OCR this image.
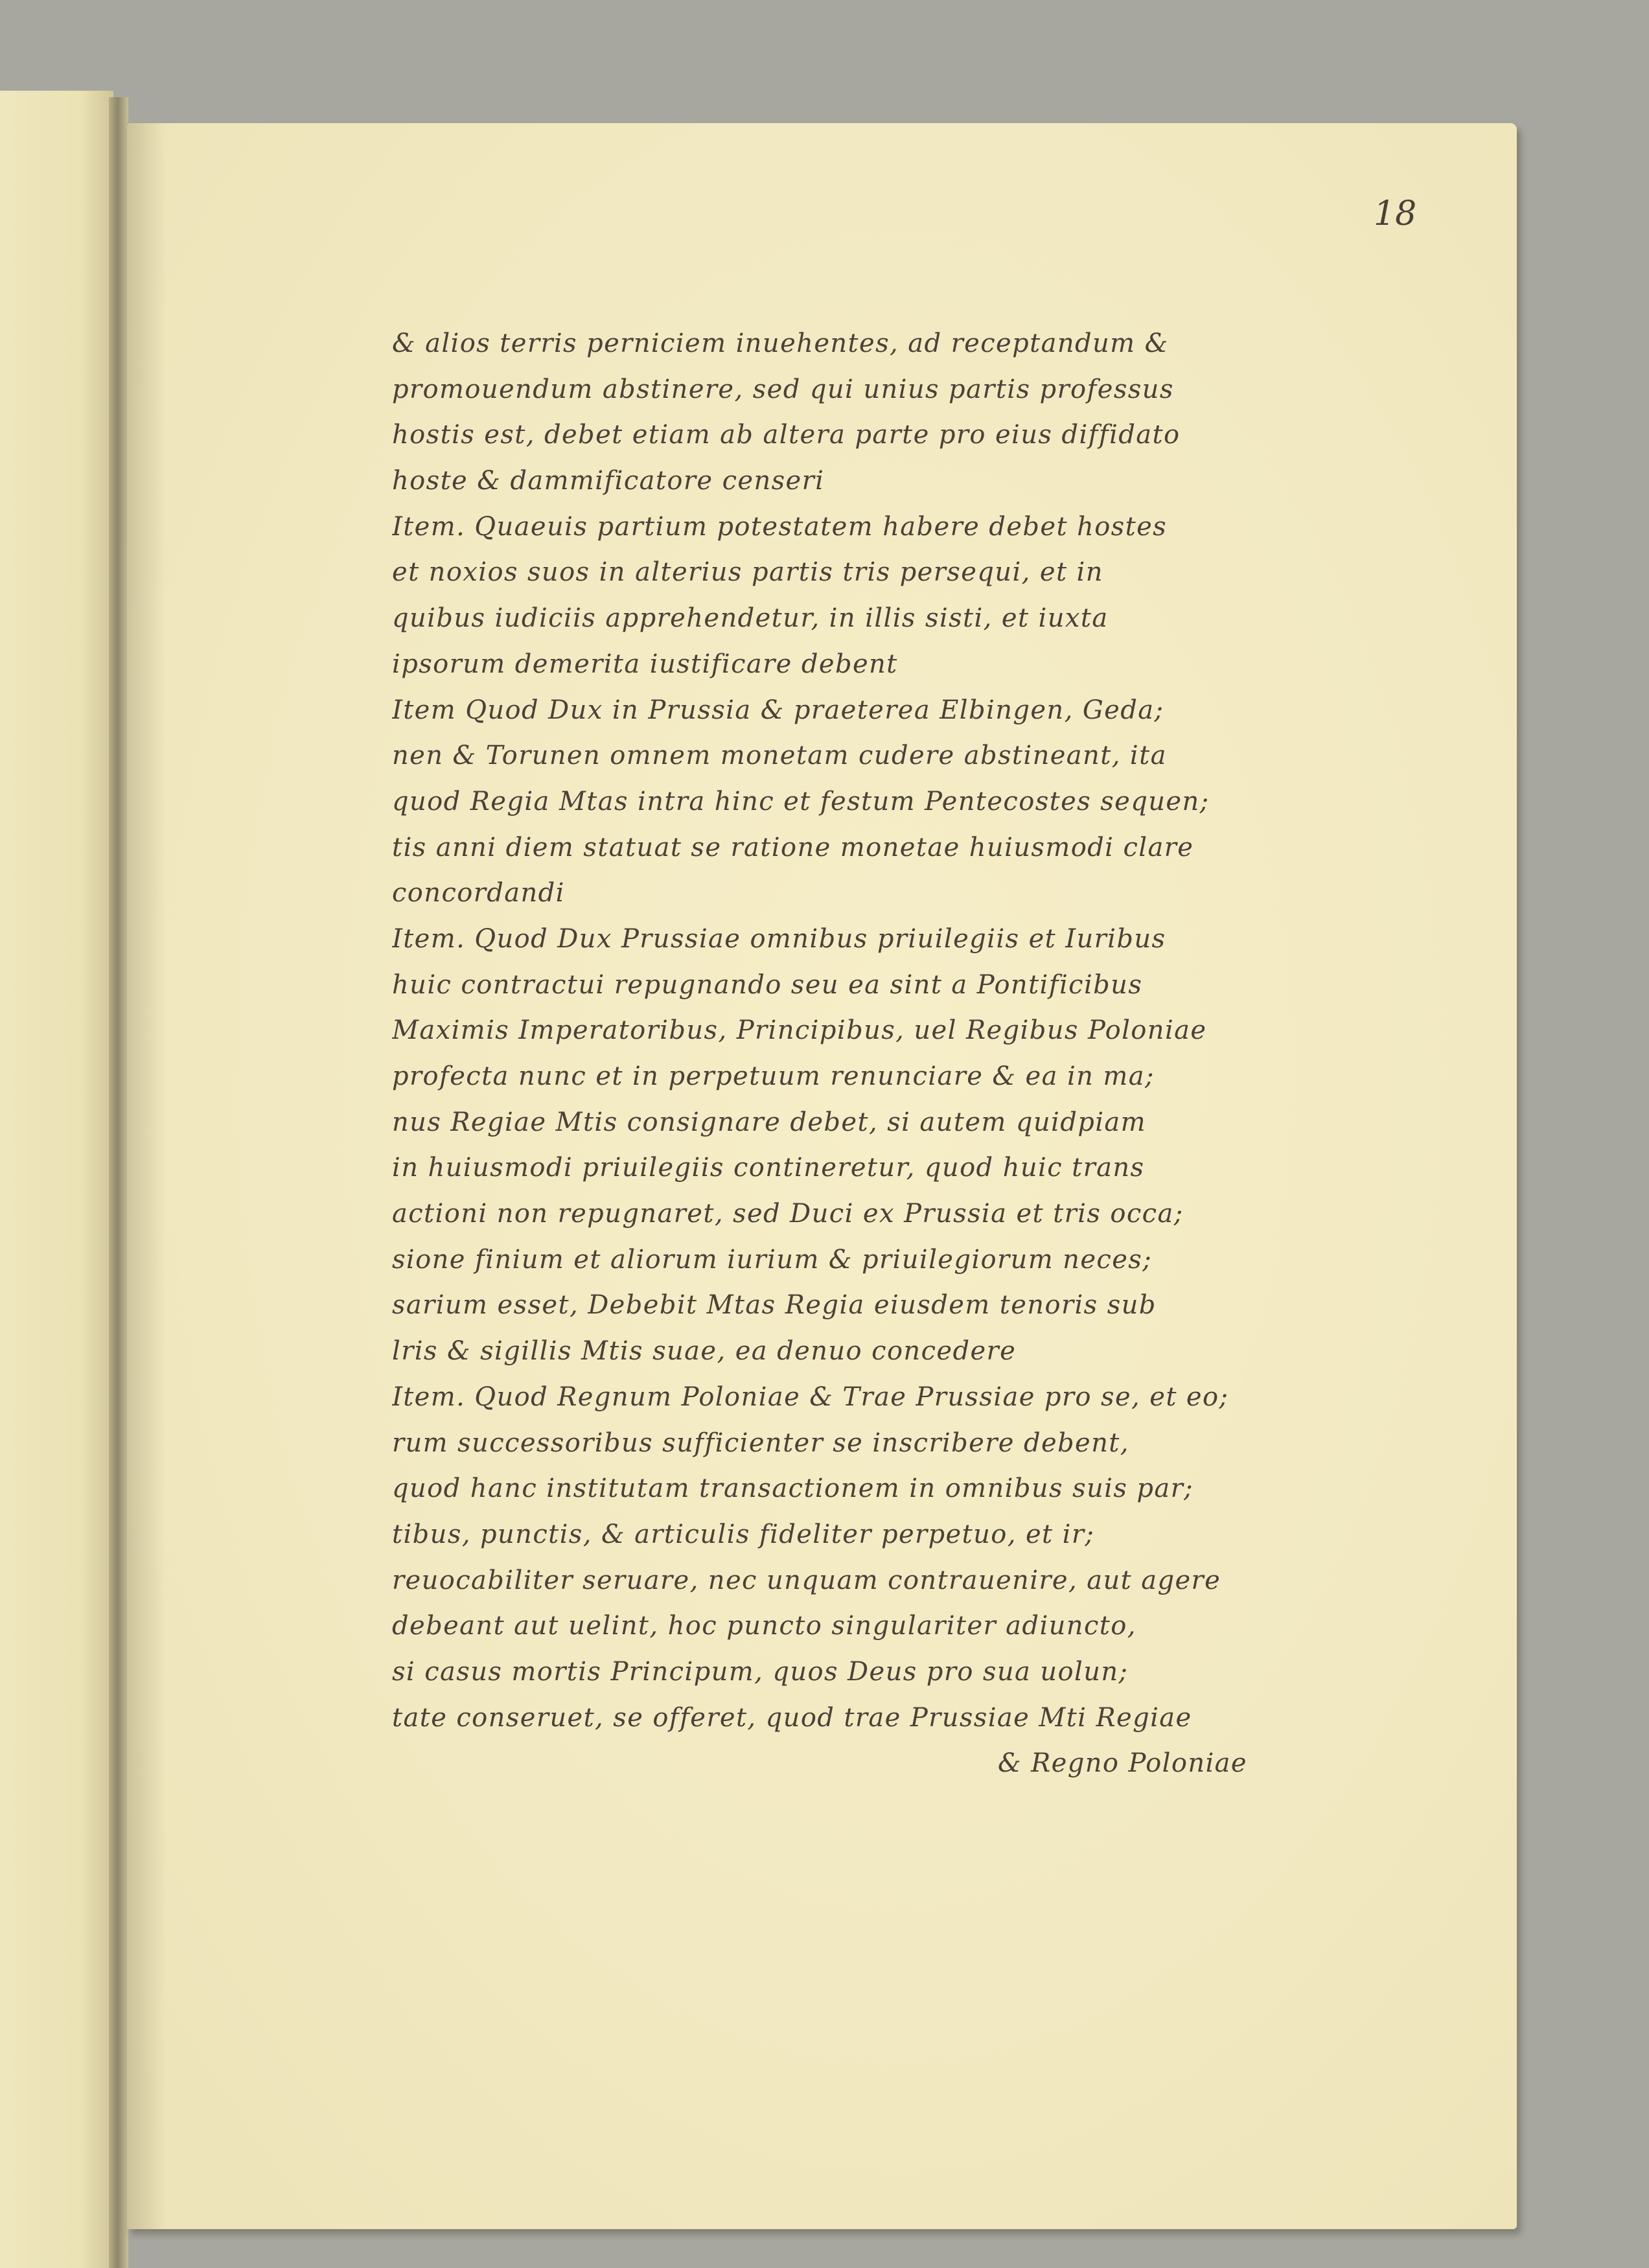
18

& alios terris perniciem inuehentes, ad receptandum &

promouendum abstinere, sed qui unius partis professus

hostis est, debet etiam ab altera parte pro eius diffidato

hoste & dammificatore censeri

Item. Quaeuis partium potestatem habere debet hostes

et noxios suos in alterius partis tris persequi, et in

quibus iudiciis apprehendetur, in illis sisti, et iuxta

ipsorum demerita iustificare debent

Item Quod Dux in Prussia & praeterea Elbingen, Geda;

nen & Torunen omnem monetam cudere abstineant, ita

quod Regia Mtas intra hinc et festum Pentecostes sequen;

tis anni diem statuat se ratione monetae huiusmodi clare

concordandi

Item. Quod Dux Prussiae omnibus priuilegiis et Iuribus

huic contractui repugnando seu ea sint a Pontificibus

Maximis Imperatoribus, Principibus, uel Regibus Poloniae

profecta nunc et in perpetuum renunciare & ea in ma;

nus Regiae Mtis consignare debet, si autem quidpiam

in huiusmodi priuilegiis contineretur, quod huic trans

actioni non repugnaret, sed Duci ex Prussia et tris occa;

sione finium et aliorum iurium & priuilegiorum neces;

sarium esset, Debebit Mtas Regia eiusdem tenoris sub

lris & sigillis Mtis suae, ea denuo concedere

Item. Quod Regnum Poloniae & Trae Prussiae pro se, et eo;

rum successoribus sufficienter se inscribere debent,

quod hanc institutam transactionem in omnibus suis par;

tibus, punctis, & articulis fideliter perpetuo, et ir;

reuocabiliter seruare, nec unquam contrauenire, aut agere

debeant aut uelint, hoc puncto singulariter adiuncto,

si casus mortis Principum, quos Deus pro sua uolun;

tate conseruet, se offeret, quod trae Prussiae Mti Regiae

& Regno Poloniae
